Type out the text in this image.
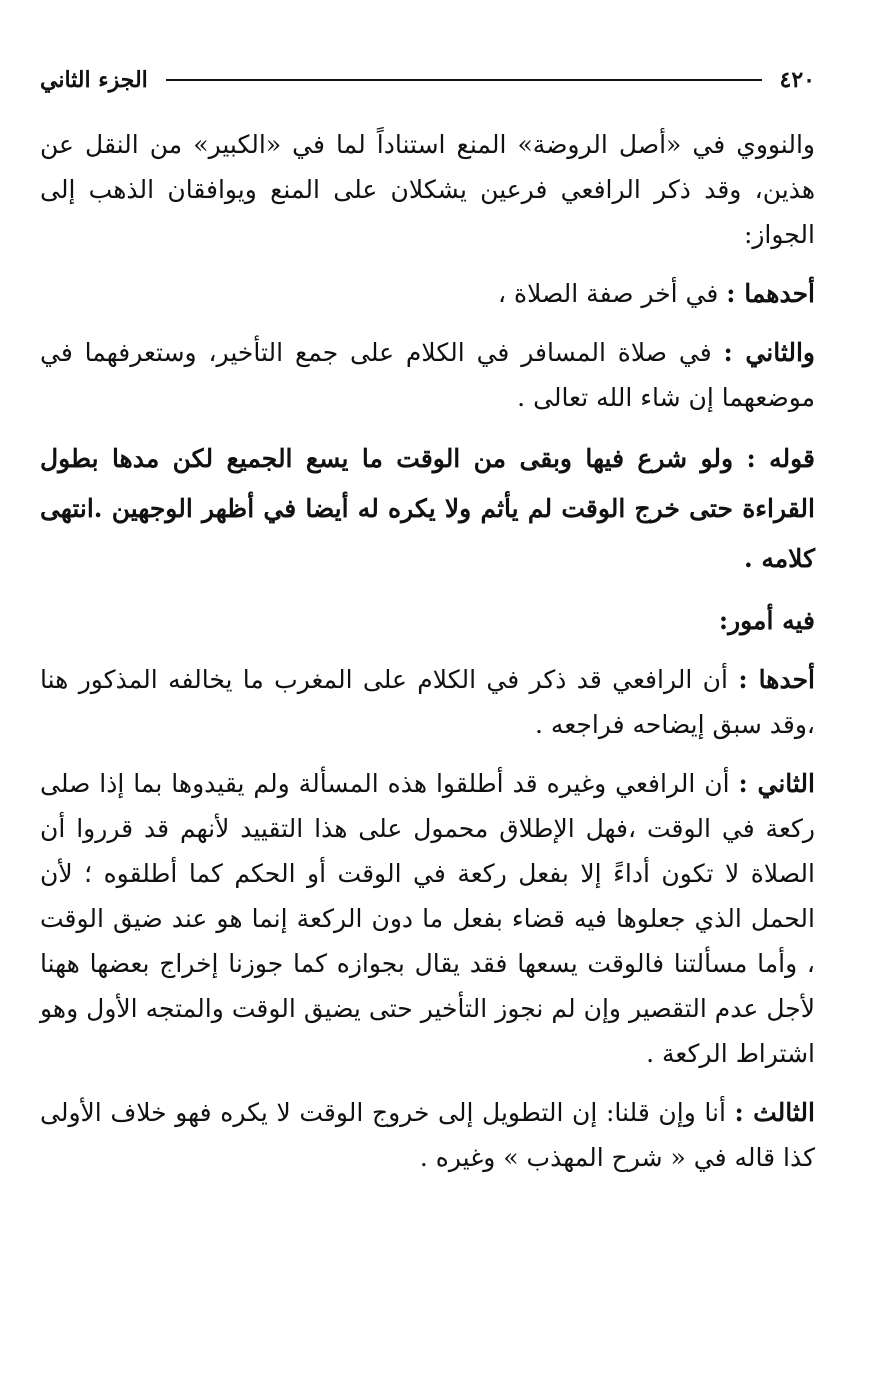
الجزء الثاني	٤٢٠

والنووي في «أصل الروضة» المنع استناداً لما في «الكبير» من النقل عن هذين، وقد ذكر الرافعي فرعين يشكلان على المنع ويوافقان الذهب إلى الجواز:

أحدهما : في أخر صفة الصلاة ،

والثاني : في صلاة المسافر في الكلام على جمع التأخير، وستعرفهما في موضعهما إن شاء الله تعالى .

قوله : ولو شرع فيها وبقى من الوقت ما يسع الجميع لكن مدها بطول القراءة حتى خرج الوقت لم يأثم ولا يكره له أيضا في أظهر الوجهين .انتهى كلامه .

فيه أمور:

أحدها : أن الرافعي قد ذكر في الكلام على المغرب ما يخالفه المذكور هنا ،وقد سبق إيضاحه فراجعه .

الثاني : أن الرافعي وغيره قد أطلقوا هذه المسألة ولم يقيدوها بما إذا صلى ركعة في الوقت ،فهل الإطلاق محمول على هذا التقييد لأنهم قد قرروا أن الصلاة لا تكون أداءً إلا بفعل ركعة في الوقت أو الحكم كما أطلقوه ؛ لأن الحمل الذي جعلوها فيه قضاء بفعل ما دون الركعة إنما هو عند ضيق الوقت ، وأما مسألتنا فالوقت يسعها فقد يقال بجوازه كما جوزنا إخراج بعضها ههنا لأجل عدم التقصير وإن لم نجوز التأخير حتى يضيق الوقت والمتجه الأول وهو اشتراط الركعة .

الثالث : أنا وإن قلنا: إن التطويل إلى خروج الوقت لا يكره فهو خلاف الأولى كذا قاله في « شرح المهذب » وغيره .
